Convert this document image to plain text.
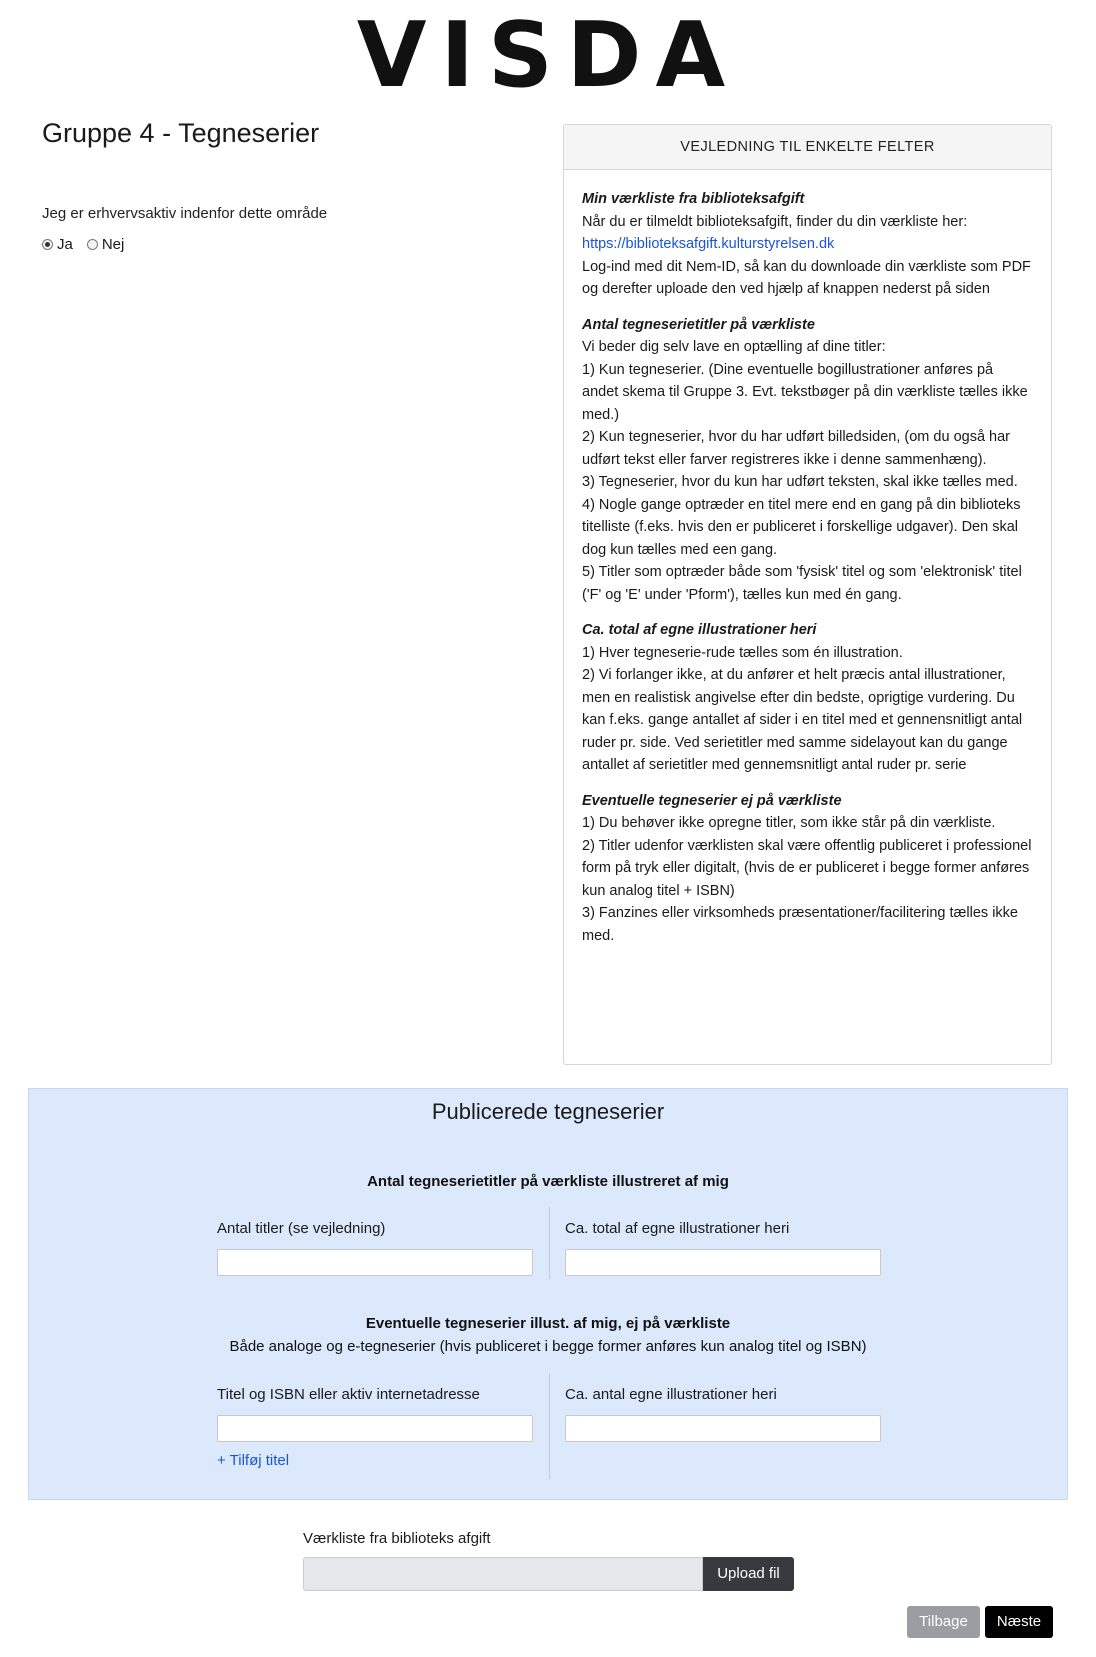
VISDA
Gruppe 4 - Tegneserier
Jeg er erhvervsaktiv indenfor dette område
Ja Nej
VEJLEDNING TIL ENKELTE FELTER
Min værkliste fra biblioteksafgift
Når du er tilmeldt biblioteksafgift, finder du din værkliste her:
https://biblioteksafgift.kulturstyrelsen.dk
Log-ind med dit Nem-ID, så kan du downloade din værkliste som PDF og derefter uploade den ved hjælp af knappen nederst på siden
Antal tegneserietitler på værkliste
Vi beder dig selv lave en optælling af dine titler:
1) Kun tegneserier. (Dine eventuelle bogillustrationer anføres på andet skema til Gruppe 3. Evt. tekstbøger på din værkliste tælles ikke med.)
2) Kun tegneserier, hvor du har udført billedsiden, (om du også har udført tekst eller farver registreres ikke i denne sammenhæng).
3) Tegneserier, hvor du kun har udført teksten, skal ikke tælles med.
4) Nogle gange optræder en titel mere end en gang på din biblioteks titelliste (f.eks. hvis den er publiceret i forskellige udgaver). Den skal dog kun tælles med een gang.
5) Titler som optræder både som 'fysisk' titel og som 'elektronisk' titel ('F' og 'E' under 'Pform'), tælles kun med én gang.
Ca. total af egne illustrationer heri
1) Hver tegneserie-rude tælles som én illustration.
2) Vi forlanger ikke, at du anfører et helt præcis antal illustrationer, men en realistisk angivelse efter din bedste, oprigtige vurdering. Du kan f.eks. gange antallet af sider i en titel med et gennensnitligt antal ruder pr. side. Ved serietitler med samme sidelayout kan du gange antallet af serietitler med gennemsnitligt antal ruder pr. serie
Eventuelle tegneserier ej på værkliste
1) Du behøver ikke opregne titler, som ikke står på din værkliste.
2) Titler udenfor værklisten skal være offentlig publiceret i professionel form på tryk eller digitalt, (hvis de er publiceret i begge former anføres kun analog titel + ISBN)
3) Fanzines eller virksomheds præsentationer/facilitering tælles ikke med.
Publicerede tegneserier
Antal tegneserietitler på værkliste illustreret af mig
Antal titler (se vejledning)	Ca. total af egne illustrationer heri
Eventuelle tegneserier illust. af mig, ej på værkliste
Både analoge og e-tegneserier (hvis publiceret i begge former anføres kun analog titel og ISBN)
Titel og ISBN eller aktiv internetadresse	Ca. antal egne illustrationer heri
+ Tilføj titel
Værkliste fra biblioteks afgift
Upload fil
Tilbage	Næste
